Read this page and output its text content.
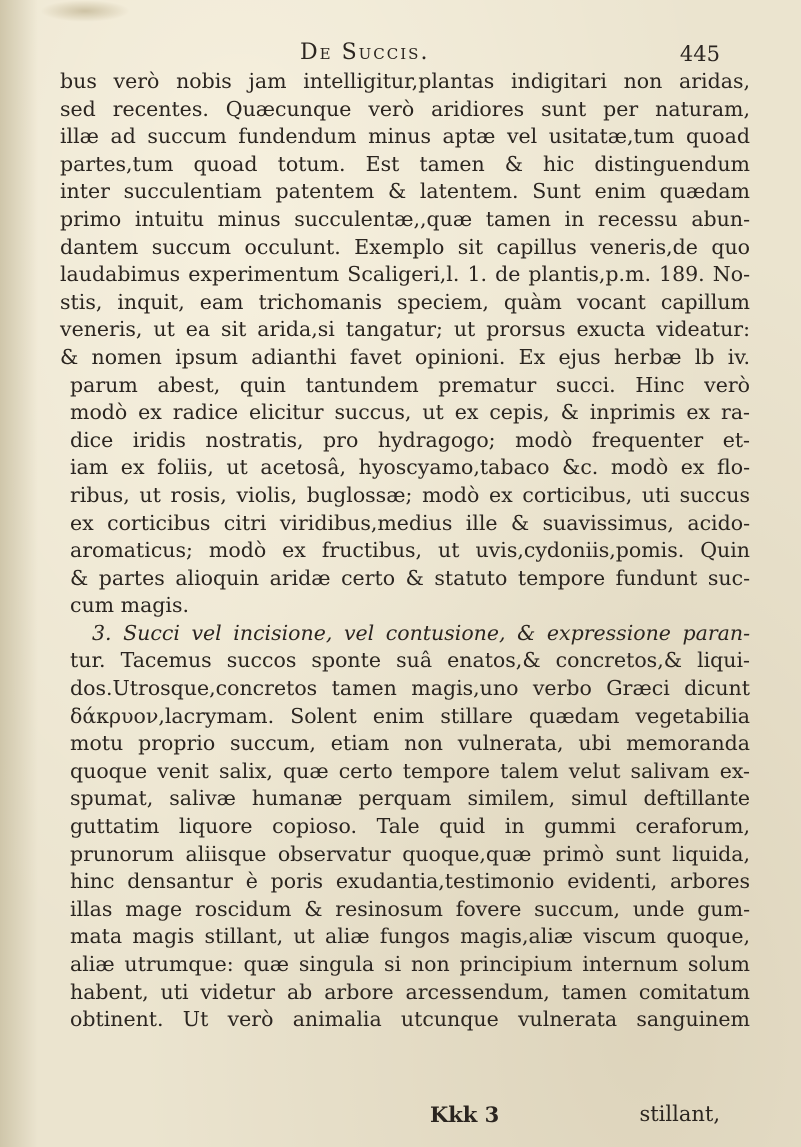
De Succis.	445
bus verò nobis jam intelligitur,plantas indigitari non aridas,
sed recentes. Quæcunque verò aridiores sunt per naturam,
illæ ad succum fundendum minus aptæ vel usitatæ,tum quoad
partes,tum quoad totum. Est tamen & hic distinguendum
inter succulentiam patentem & latentem. Sunt enim quædam
primo intuitu minus succulentæ,,quæ tamen in recessu abun-
dantem succum occulunt. Exemplo sit capillus veneris,de quo
laudabimus experimentum Scaligeri,l. 1. de plantis,p.m. 189. No-
stis, inquit, eam trichomanis speciem, quàm vocant capillum
veneris, ut ea sit arida,si tangatur; ut prorsus exucta videatur:
& nomen ipsum adianthi favet opinioni. Ex ejus herbæ lb iv.
parum abest, quin tantundem prematur succi. Hinc verò
modò ex radice elicitur succus, ut ex cepis, & inprimis ex ra-
dice iridis nostratis, pro hydragogo; modò frequenter et-
iam ex foliis, ut acetosâ, hyoscyamo,tabaco &c. modò ex flo-
ribus, ut rosis, violis, buglossæ; modò ex corticibus, uti succus
ex corticibus citri viridibus,medius ille & suavissimus, acido-
aromaticus; modò ex fructibus, ut uvis,cydoniis,pomis. Quin
& partes alioquin aridæ certo & statuto tempore fundunt suc-
cum magis.
3. Succi vel incisione, vel contusione, & expressione paran-
tur. Tacemus succos sponte suâ enatos,& concretos,& liqui-
dos.Utrosque,concretos tamen magis,uno verbo Græci dicunt
δάκρυον,lacrymam. Solent enim stillare quædam vegetabilia
motu proprio succum, etiam non vulnerata, ubi memoranda
quoque venit salix, quæ certo tempore talem velut salivam ex-
spumat, salivæ humanæ perquam similem, simul deftillante
guttatim liquore copioso. Tale quid in gummi ceraforum,
prunorum aliisque observatur quoque,quæ primò sunt liquida,
hinc densantur è poris exudantia,testimonio evidenti, arbores
illas mage roscidum & resinosum fovere succum, unde gum-
mata magis stillant, ut aliæ fungos magis,aliæ viscum quoque,
aliæ utrumque: quæ singula si non principium internum solum
habent, uti videtur ab arbore arcessendum, tamen comitatum
obtinent. Ut verò animalia utcunque vulnerata sanguinem
Kkk 3	stillant,
